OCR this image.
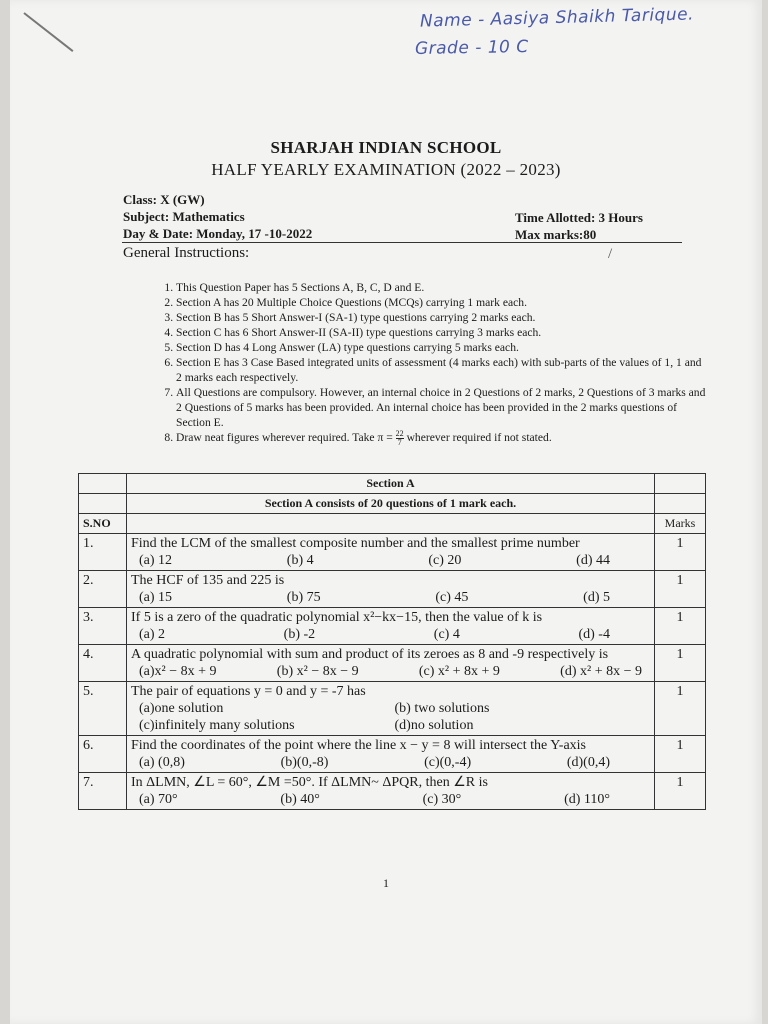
Name - Aasiya Shaikh Tarique.
Grade - 10 C
SHARJAH INDIAN SCHOOL
HALF YEARLY EXAMINATION (2022 – 2023)
Class: X (GW)
Subject: Mathematics
Day & Date: Monday, 17 -10-2022
Time Allotted: 3 Hours
Max marks:80
General Instructions:	/
1. This Question Paper has 5 Sections A, B, C, D and E.
2. Section A has 20 Multiple Choice Questions (MCQs) carrying 1 mark each.
3. Section B has 5 Short Answer-I (SA-1) type questions carrying 2 marks each.
4. Section C has 6 Short Answer-II (SA-II) type questions carrying 3 marks each.
5. Section D has 4 Long Answer (LA) type questions carrying 5 marks each.
6. Section E has 3 Case Based integrated units of assessment (4 marks each) with sub-parts of the values of 1, 1 and 2 marks each respectively.
7. All Questions are compulsory. However, an internal choice in 2 Questions of 2 marks, 2 Questions of 3 marks and 2 Questions of 5 marks has been provided. An internal choice has been provided in the 2 marks questions of Section E.
8. Draw neat figures wherever required. Take $\pi = \frac{22}{7}$ wherever required if not stated.
	Section A	
	Section A consists of 20 questions of 1 mark each.	
S.NO		Marks
1.	Find the LCM of the smallest composite number and the smallest prime number
(a) 12 (b) 4 (c) 20 (d) 44	1
2.	The HCF of 135 and 225 is
(a) 15 (b) 75 (c) 45 (d) 5	1
3.	If 5 is a zero of the quadratic polynomial x²−kx−15, then the value of k is
(a) 2 (b) -2 (c) 4 (d) -4	1
4.	A quadratic polynomial with sum and product of its zeroes as 8 and -9 respectively is
(a)x² − 8x + 9 (b) x² − 8x − 9 (c) x² + 8x + 9 (d) x² + 8x − 9	1
5.	The pair of equations y = 0 and y = -7 has
(a)one solution (b) two solutions
(c)infinitely many solutions (d)no solution	1
6.	Find the coordinates of the point where the line x − y = 8 will intersect the Y-axis
(a) (0,8) (b)(0,-8) (c)(0,-4) (d)(0,4)	1
7.	In ΔLMN, ∠L = 60°, ∠M =50°. If ΔLMN~ ΔPQR, then ∠R is
(a) 70° (b) 40° (c) 30° (d) 110°	1
1
